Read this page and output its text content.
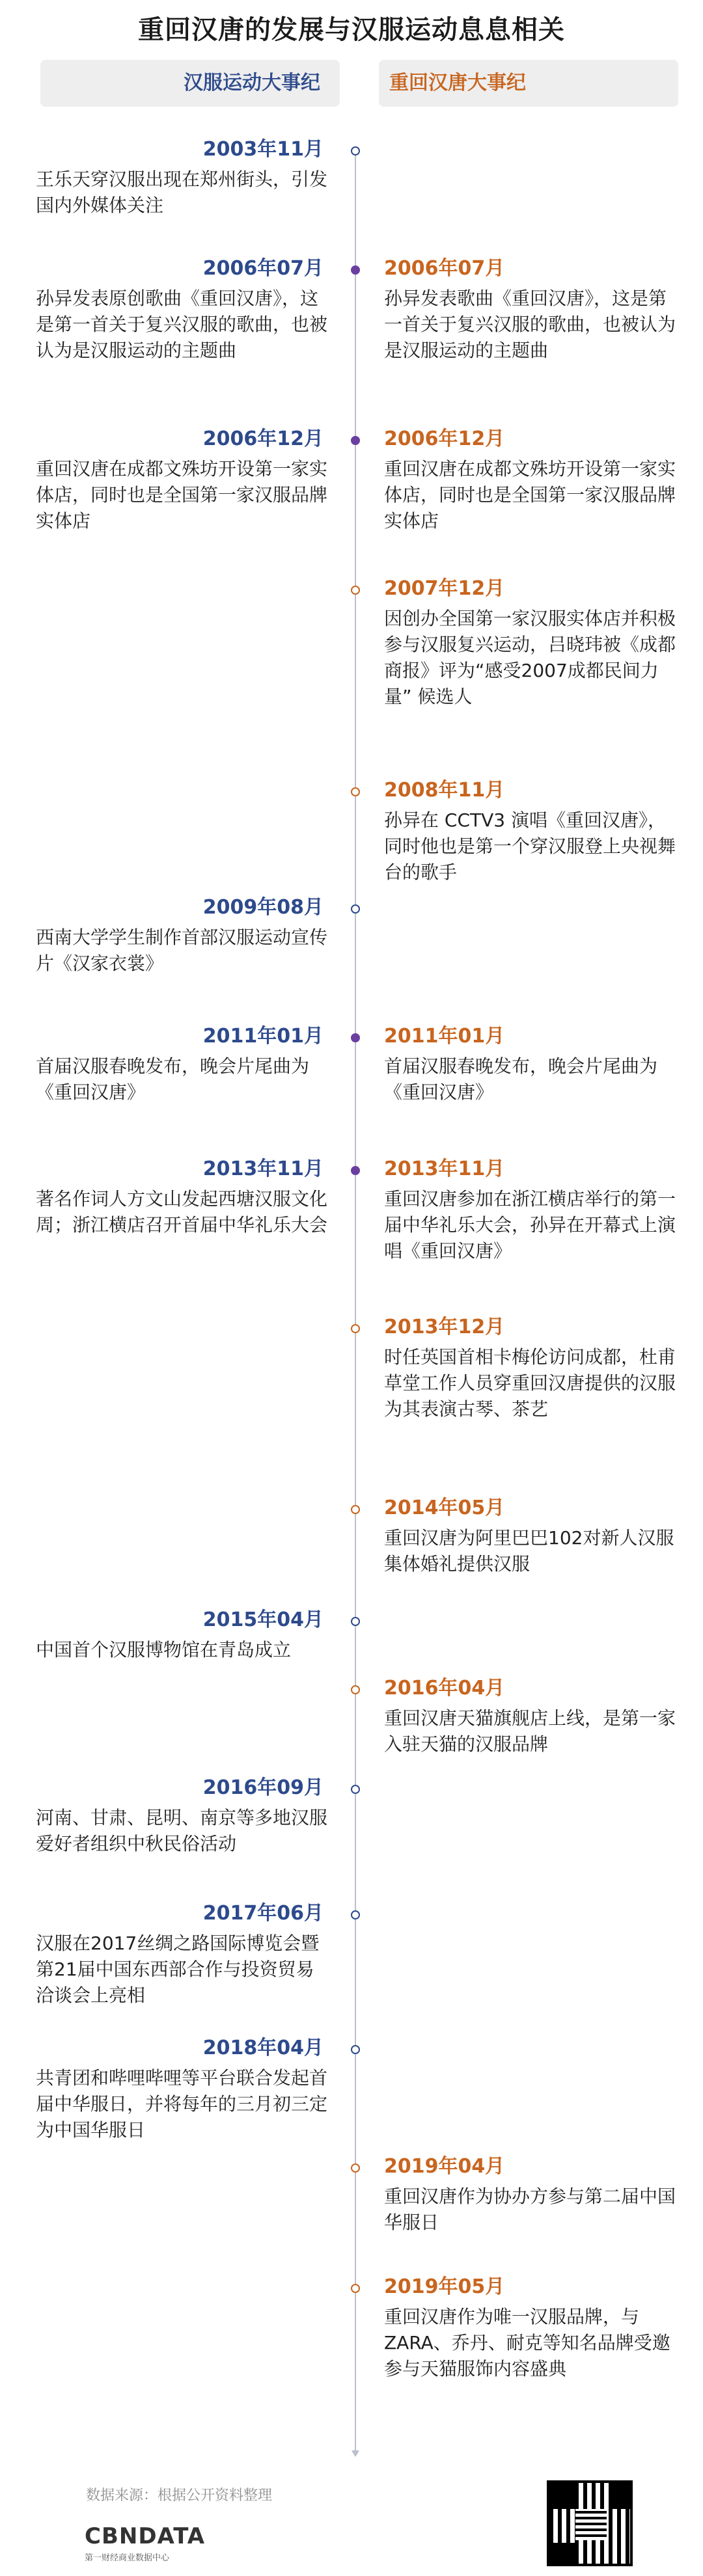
重回汉唐的发展与汉服运动息息相关
汉服运动大事纪	重回汉唐大事纪
2003年11月
王乐天穿汉服出现在郑州街头，引发国内外媒体关注
2006年07月
孙异发表原创歌曲《重回汉唐》，这是第一首关于复兴汉服的歌曲，也被认为是汉服运动的主题曲
2006年12月
重回汉唐在成都文殊坊开设第一家实体店，同时也是全国第一家汉服品牌实体店
2009年08月
西南大学学生制作首部汉服运动宣传片《汉家衣裳》
2011年01月
首届汉服春晚发布，晚会片尾曲为《重回汉唐》
2013年11月
著名作词人方文山发起西塘汉服文化周；浙江横店召开首届中华礼乐大会
2015年04月
中国首个汉服博物馆在青岛成立
2016年09月
河南、甘肃、昆明、南京等多地汉服爱好者组织中秋民俗活动
2017年06月
汉服在2017丝绸之路国际博览会暨第21届中国东西部合作与投资贸易洽谈会上亮相
2018年04月
共青团和哔哩哔哩等平台联合发起首届中华服日，并将每年的三月初三定为中国华服日
2006年07月
孙异发表歌曲《重回汉唐》，这是第一首关于复兴汉服的歌曲，也被认为是汉服运动的主题曲
2006年12月
重回汉唐在成都文殊坊开设第一家实体店，同时也是全国第一家汉服品牌实体店
2007年12月
因创办全国第一家汉服实体店并积极参与汉服复兴运动，吕晓玮被《成都商报》评为“感受2007成都民间力量” 候选人
2008年11月
孙异在 CCTV3 演唱《重回汉唐》，同时他也是第一个穿汉服登上央视舞台的歌手
2011年01月
首届汉服春晚发布，晚会片尾曲为《重回汉唐》
2013年11月
重回汉唐参加在浙江横店举行的第一届中华礼乐大会，孙异在开幕式上演唱《重回汉唐》
2013年12月
时任英国首相卡梅伦访问成都，杜甫草堂工作人员穿重回汉唐提供的汉服为其表演古琴、茶艺
2014年05月
重回汉唐为阿里巴巴102对新人汉服集体婚礼提供汉服
2016年04月
重回汉唐天猫旗舰店上线，是第一家入驻天猫的汉服品牌
2019年04月
重回汉唐作为协办方参与第二届中国华服日
2019年05月
重回汉唐作为唯一汉服品牌，与ZARA、乔丹、耐克等知名品牌受邀参与天猫服饰内容盛典
数据来源：根据公开资料整理
CBNDATA
第一财经商业数据中心
